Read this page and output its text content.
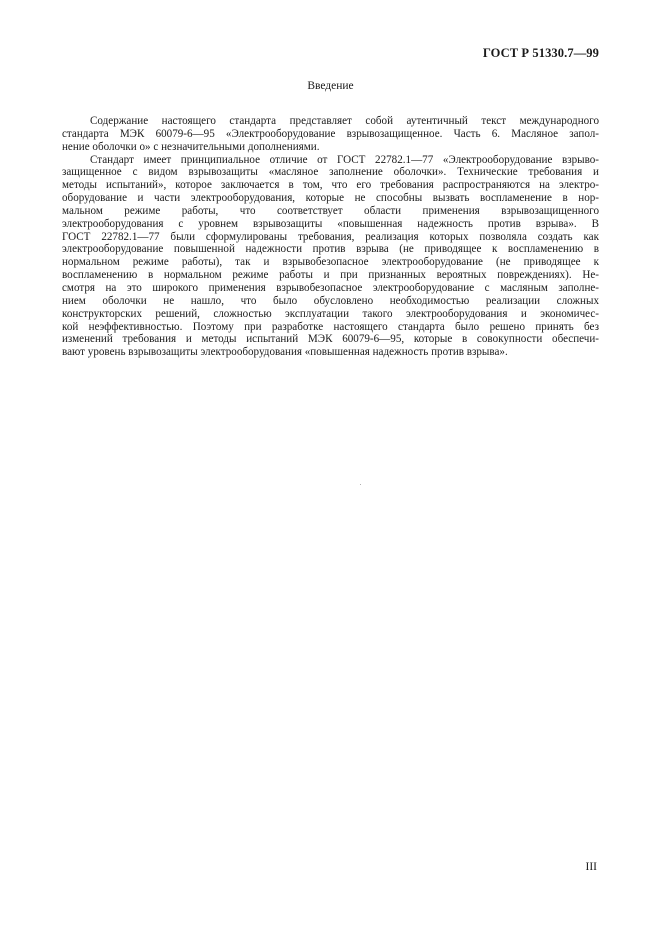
ГОСТ Р 51330.7—99
Введение
Содержание настоящего стандарта представляет собой аутентичный текст международного
стандарта МЭК 60079-6—95 «Электрооборудование взрывозащищенное. Часть 6. Масляное запол-
нение оболочки о» с незначительными дополнениями.
Стандарт имеет принципиальное отличие от ГОСТ 22782.1—77 «Электрооборудование взрыво-
защищенное с видом взрывозащиты «масляное заполнение оболочки». Технические требования и
методы испытаний», которое заключается в том, что его требования распространяются на электро-
оборудование и части электрооборудования, которые не способны вызвать воспламенение в нор-
мальном режиме работы, что соответствует области применения взрывозащищенного
электрооборудования с уровнем взрывозащиты «повышенная надежность против взрыва». В
ГОСТ 22782.1—77 были сформулированы требования, реализация которых позволяла создать как
электрооборудование повышенной надежности против взрыва (не приводящее к воспламенению в
нормальном режиме работы), так и взрывобезопасное электрооборудование (не приводящее к
воспламенению в нормальном режиме работы и при признанных вероятных повреждениях). Не-
смотря на это широкого применения взрывобезопасное электрооборудование с масляным заполне-
нием оболочки не нашло, что было обусловлено необходимостью реализации сложных
конструкторских решений, сложностью эксплуатации такого электрооборудования и экономичес-
кой неэффективностью. Поэтому при разработке настоящего стандарта было решено принять без
изменений требования и методы испытаний МЭК 60079-6—95, которые в совокупности обеспечи-
вают уровень взрывозащиты электрооборудования «повышенная надежность против взрыва».
III
